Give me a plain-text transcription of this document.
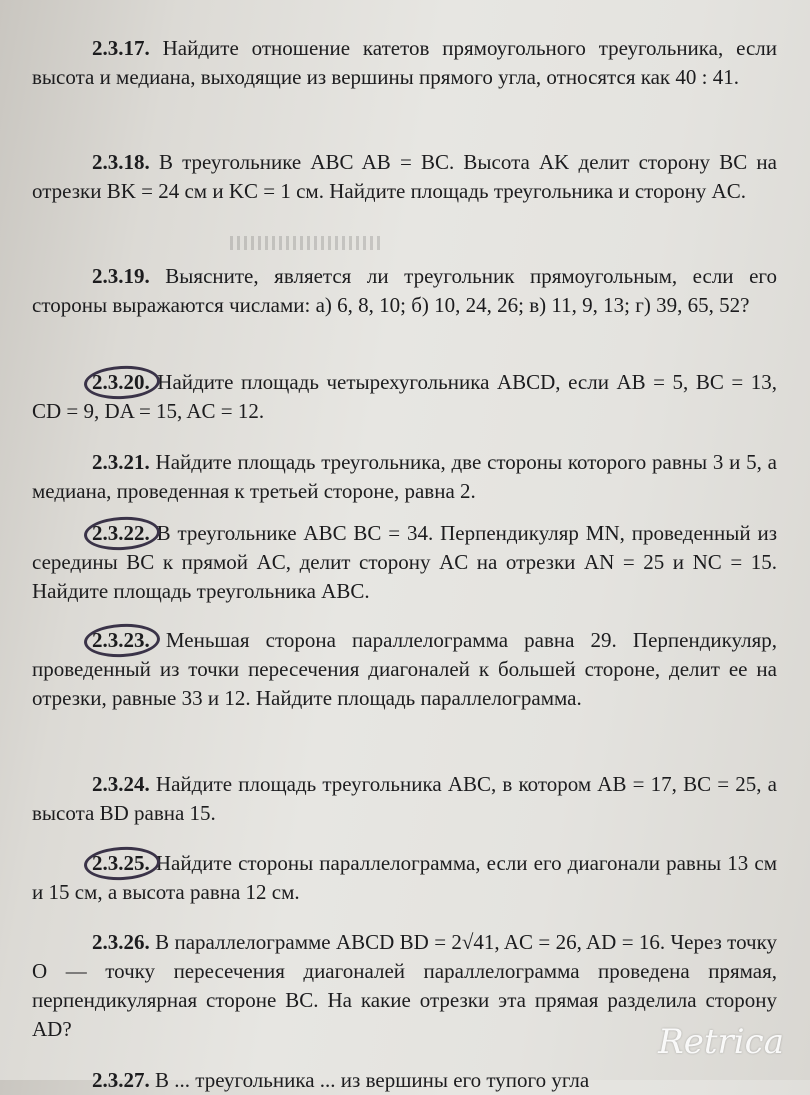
2.3.17. Найдите отношение катетов прямоугольного треугольника, если высота и медиана, выходящие из вершины прямого угла, относятся как 40 : 41.
2.3.18. В треугольнике ABC AB = BC. Высота AK делит сторону BC на отрезки BK = 24 см и KC = 1 см. Найдите площадь треугольника и сторону AC.
2.3.19. Выясните, является ли треугольник прямоугольным, если его стороны выражаются числами: а) 6, 8, 10; б) 10, 24, 26; в) 11, 9, 13; г) 39, 65, 52?
2.3.20. Найдите площадь четырехугольника ABCD, если AB = 5, BC = 13, CD = 9, DA = 15, AC = 12.
2.3.21. Найдите площадь треугольника, две стороны которого равны 3 и 5, а медиана, проведенная к третьей стороне, равна 2.
2.3.22. В треугольнике ABC BC = 34. Перпендикуляр MN, проведенный из середины BC к прямой AC, делит сторону AC на отрезки AN = 25 и NC = 15. Найдите площадь треугольника ABC.
2.3.23. Меньшая сторона параллелограмма равна 29. Перпендикуляр, проведенный из точки пересечения диагоналей к большей стороне, делит ее на отрезки, равные 33 и 12. Найдите площадь параллелограмма.
2.3.24. Найдите площадь треугольника ABC, в котором AB = 17, BC = 25, а высота BD равна 15.
2.3.25. Найдите стороны параллелограмма, если его диагонали равны 13 см и 15 см, а высота равна 12 см.
2.3.26. В параллелограмме ABCD BD = 2√41, AC = 26, AD = 16. Через точку O — точку пересечения диагоналей параллелограмма проведена прямая, перпендикулярная стороне BC. На какие отрезки эта прямая разделила сторону AD?
2.3.27. В ... треугольника ... из вершины его тупого угла
Retrica
